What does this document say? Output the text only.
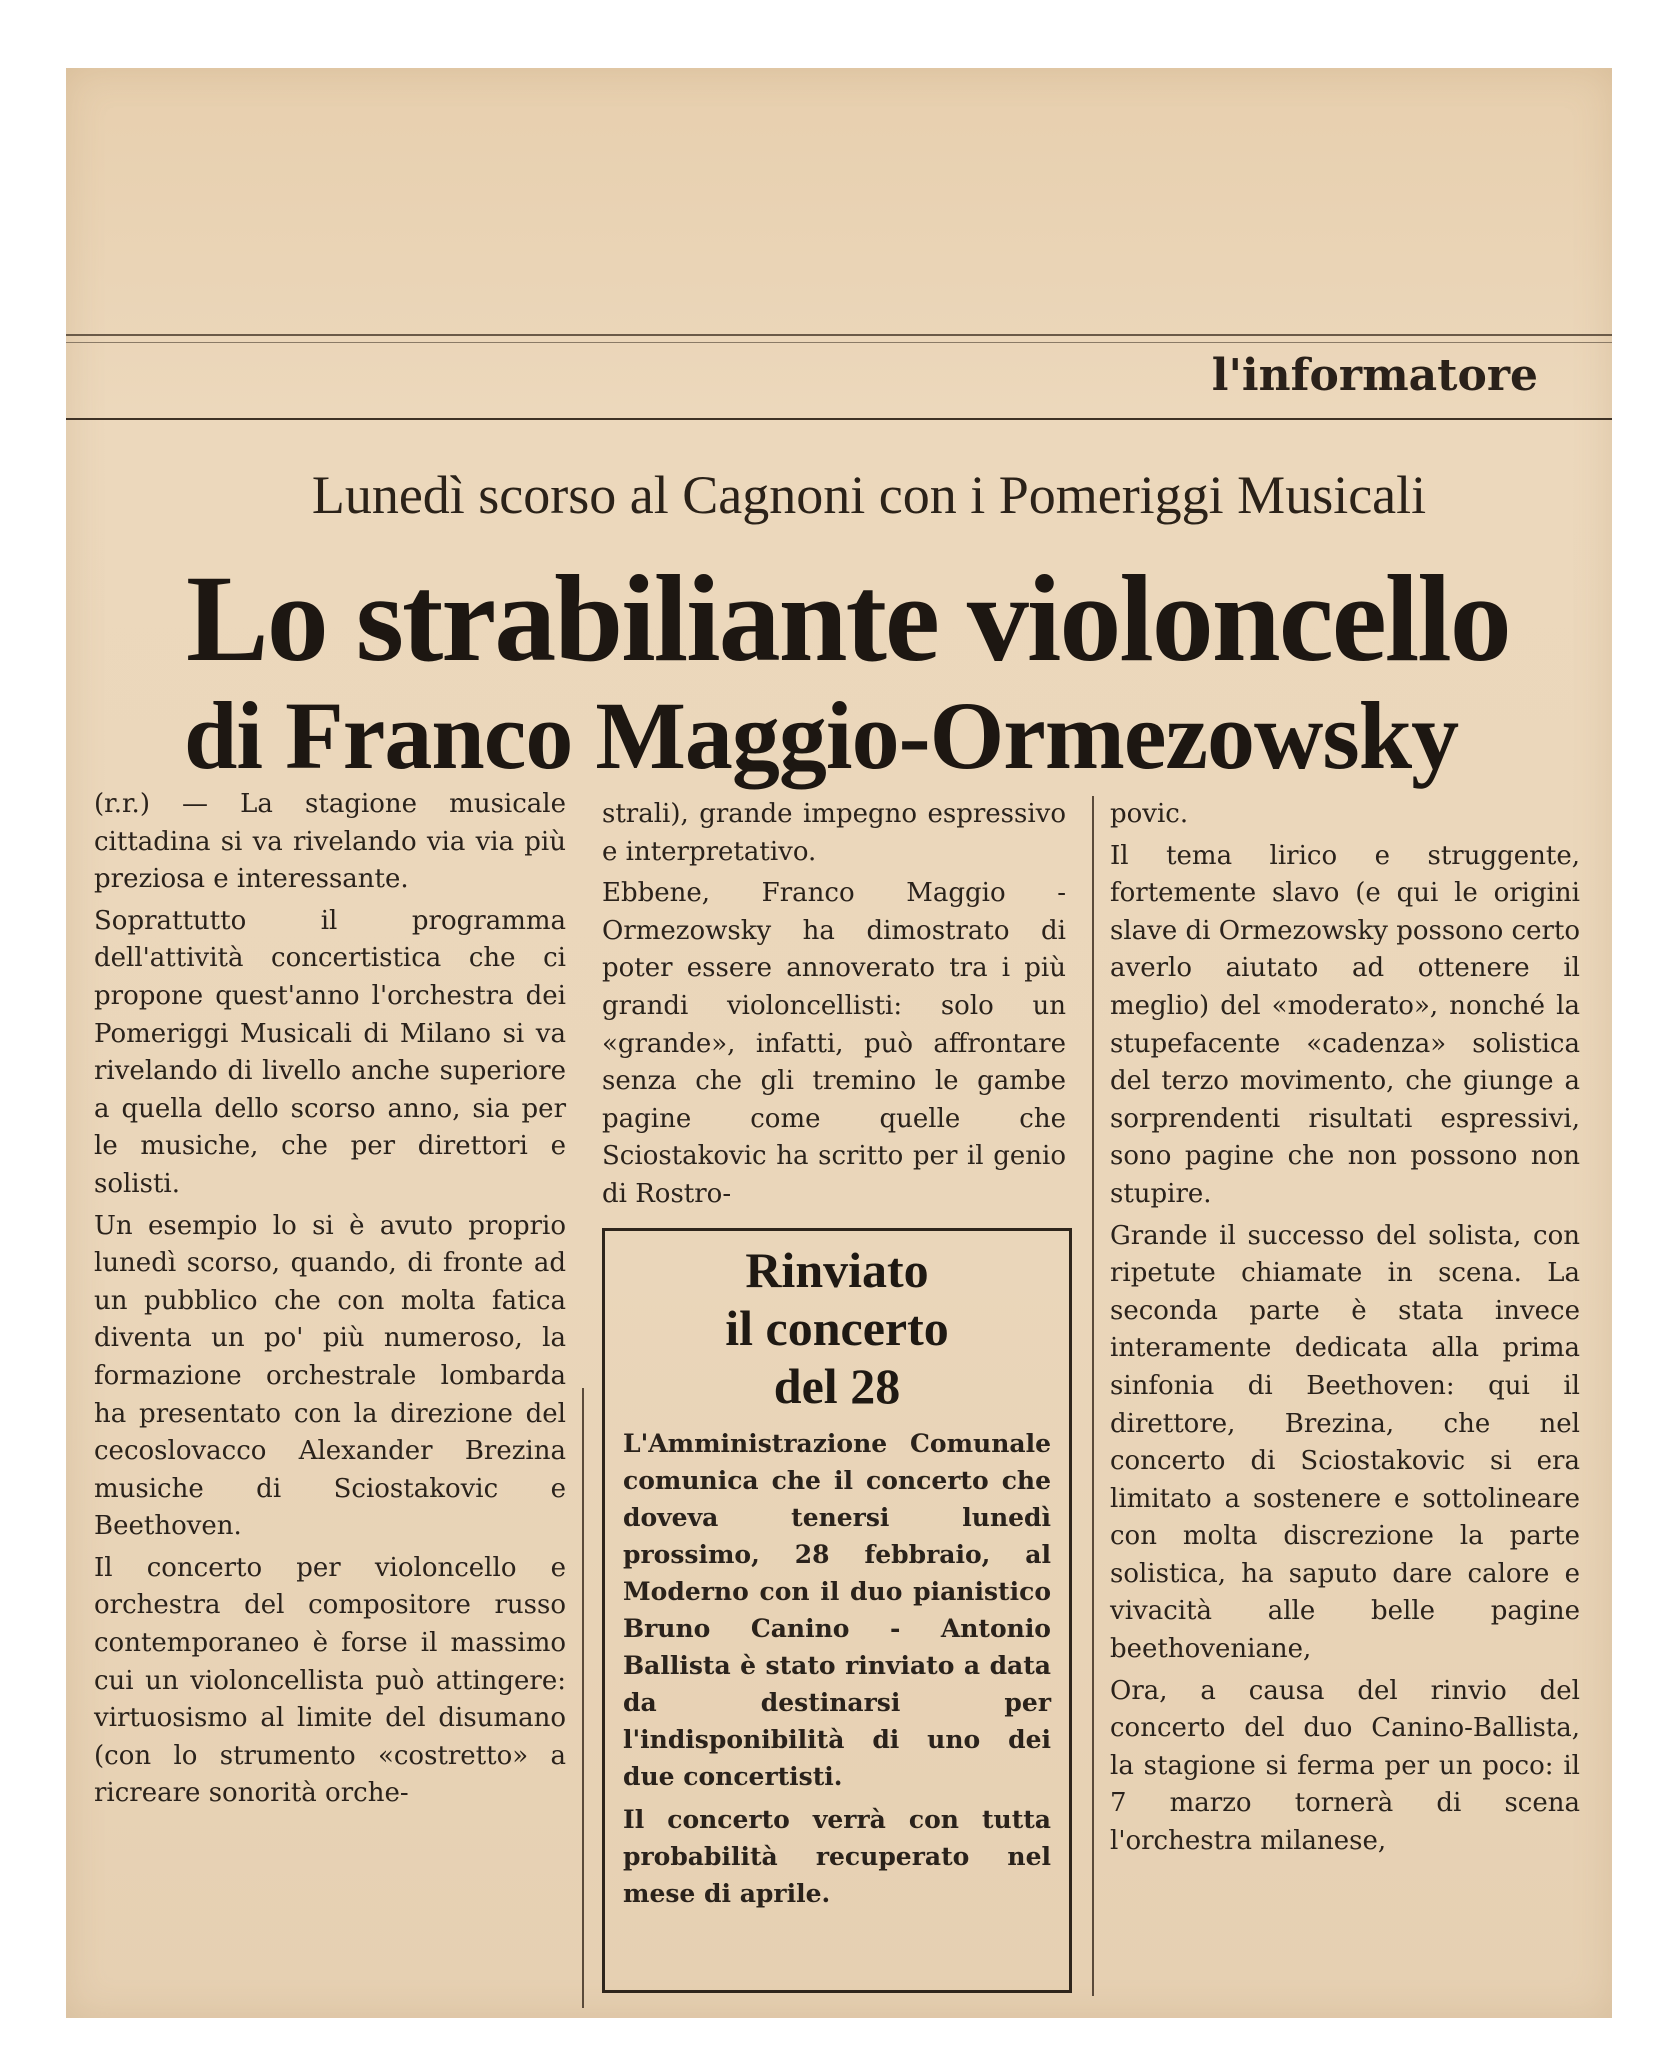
l'informatore
Lunedì scorso al Cagnoni con i Pomeriggi Musicali
Lo strabiliante violoncello
di Franco Maggio-Ormezowsky

(r.r.) — La stagione musicale cittadina si va rivelando via via più preziosa e interessante.

Soprattutto il programma dell'attività concertistica che ci propone quest'anno l'orchestra dei Pomeriggi Musicali di Milano si va rivelando di livello anche superiore a quella dello scorso anno, sia per le musiche, che per direttori e solisti.

Un esempio lo si è avuto proprio lunedì scorso, quando, di fronte ad un pubblico che con molta fatica diventa un po' più numeroso, la formazione orchestrale lombarda ha presentato con la direzione del cecoslovacco Alexander Brezina musiche di Sciostakovic e Beethoven.

Il concerto per violoncello e orchestra del compositore russo contemporaneo è forse il massimo cui un violoncellista può attingere: virtuosismo al limite del disumano (con lo strumento «costretto» a ricreare sonorità orche-

strali), grande impegno espressivo e interpretativo.

Ebbene, Franco Maggio - Ormezowsky ha dimostrato di poter essere annoverato tra i più grandi violoncellisti: solo un «grande», infatti, può affrontare senza che gli tremino le gambe pagine come quelle che Sciostakovic ha scritto per il genio di Rostro-

Rinviato
il concerto
del 28

L'Amministrazione Comunale comunica che il concerto che doveva tenersi lunedì prossimo, 28 febbraio, al Moderno con il duo pianistico Bruno Canino - Antonio Ballista è stato rinviato a data da destinarsi per l'indisponibilità di uno dei due concertisti.

Il concerto verrà con tutta probabilità recuperato nel mese di aprile.

povic.

Il tema lirico e struggente, fortemente slavo (e qui le origini slave di Ormezowsky possono certo averlo aiutato ad ottenere il meglio) del «moderato», nonché la stupefacente «cadenza» solistica del terzo movimento, che giunge a sorprendenti risultati espressivi, sono pagine che non possono non stupire.

Grande il successo del solista, con ripetute chiamate in scena. La seconda parte è stata invece interamente dedicata alla prima sinfonia di Beethoven: qui il direttore, Brezina, che nel concerto di Sciostakovic si era limitato a sostenere e sottolineare con molta discrezione la parte solistica, ha saputo dare calore e vivacità alle belle pagine beethoveniane,

Ora, a causa del rinvio del concerto del duo Canino-Ballista, la stagione si ferma per un poco: il 7 marzo tornerà di scena l'orchestra milanese,
